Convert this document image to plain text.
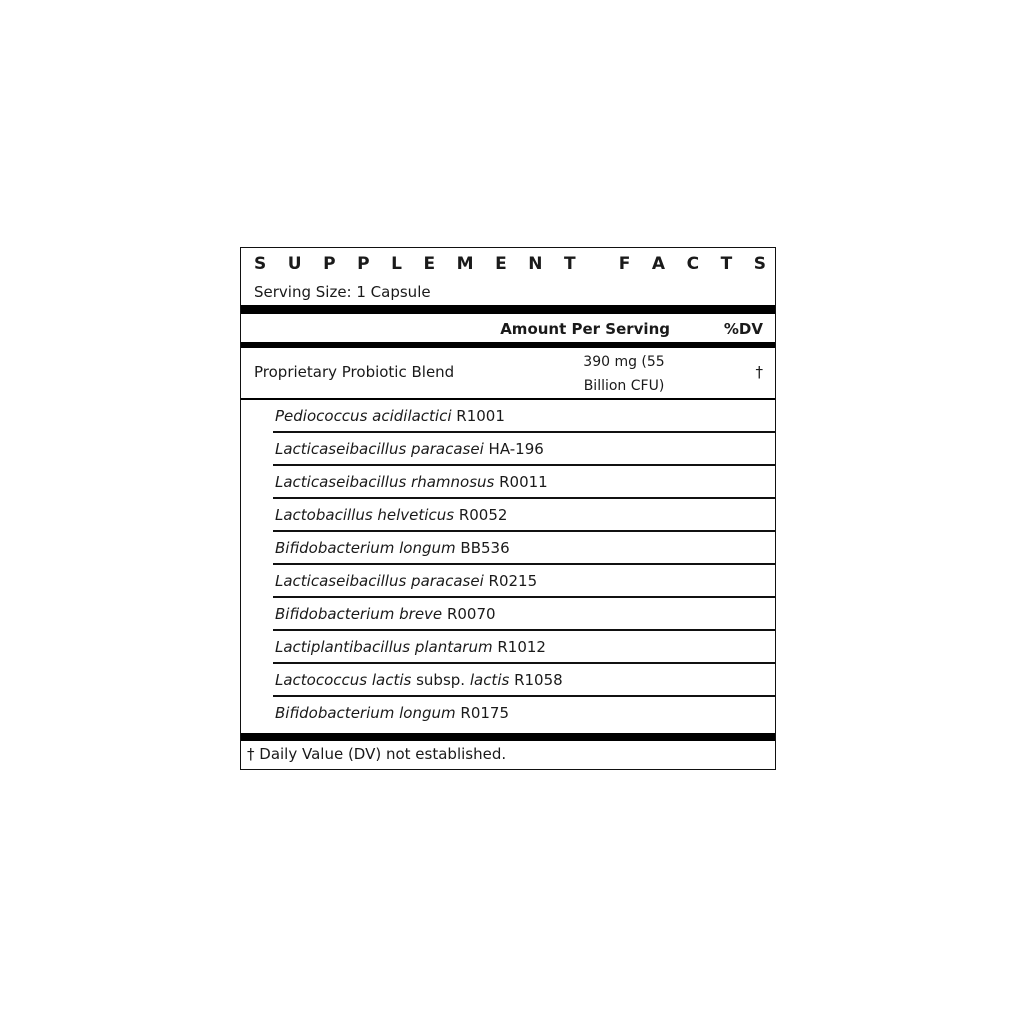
S U P P L E M E N T	F A C T S
Serving Size: 1 Capsule
Amount Per Serving	%DV
Proprietary Probiotic Blend
390 mg (55
Billion CFU)
†
Pediococcus acidilactici R1001
Lacticaseibacillus paracasei HA-196
Lacticaseibacillus rhamnosus R0011
Lactobacillus helveticus R0052
Bifidobacterium longum BB536
Lacticaseibacillus paracasei R0215
Bifidobacterium breve R0070
Lactiplantibacillus plantarum R1012
Lactococcus lactis subsp. lactis R1058
Bifidobacterium longum R0175
† Daily Value (DV) not established.
